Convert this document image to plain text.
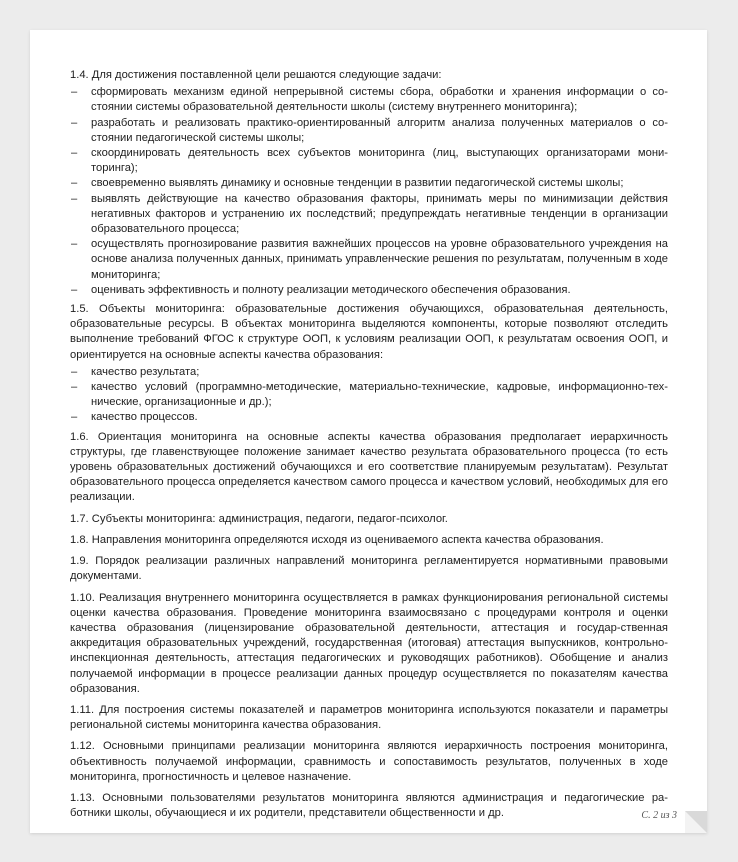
1.4. Для достижения поставленной цели решаются следующие задачи:

– сформировать механизм единой непрерывной системы сбора, обработки и хранения информации о со-стоянии системы образовательной деятельности школы (систему внутреннего мониторинга);
– разработать и реализовать практико-ориентированный алгоритм анализа полученных материалов о со-стоянии педагогической системы школы;
– скоординировать деятельность всех субъектов мониторинга (лиц, выступающих организаторами мони-торинга);
– своевременно выявлять динамику и основные тенденции в развитии педагогической системы школы;
– выявлять действующие на качество образования факторы, принимать меры по минимизации действия негативных факторов и устранению их последствий; предупреждать негативные тенденции в организации образовательного процесса;
– осуществлять прогнозирование развития важнейших процессов на уровне образовательного учреждения на основе анализа полученных данных, принимать управленческие решения по результатам, полученным в ходе мониторинга;
– оценивать эффективность и полноту реализации методического обеспечения образования.

1.5. Объекты мониторинга: образовательные достижения обучающихся, образовательная деятельность, образовательные ресурсы. В объектах мониторинга выделяются компоненты, которые позволяют отследить выполнение требований ФГОС к структуре ООП, к условиям реализации ООП, к результатам освоения ООП, и ориентируется на основные аспекты качества образования:

– качество результата;
– качество условий (программно-методические, материально-технические, кадровые, информационно-тех-нические, организационные и др.);
– качество процессов.

1.6. Ориентация мониторинга на основные аспекты качества образования предполагает иерархичность структуры, где главенствующее положение занимает качество результата образовательного процесса (то есть уровень образовательных достижений обучающихся и его соответствие планируемым результатам). Результат образовательного процесса определяется качеством самого процесса и качеством условий, необходимых для его реализации.

1.7. Субъекты мониторинга: администрация, педагоги, педагог-психолог.

1.8. Направления мониторинга определяются исходя из оцениваемого аспекта качества образования.

1.9. Порядок реализации различных направлений мониторинга регламентируется нормативными правовыми документами.

1.10. Реализация внутреннего мониторинга осуществляется в рамках функционирования региональной системы оценки качества образования. Проведение мониторинга взаимосвязано с процедурами контроля и оценки качества образования (лицензирование образовательной деятельности, аттестация и государ-ственная аккредитация образовательных учреждений, государственная (итоговая) аттестация выпускников, контрольно-инспекционная деятельность, аттестация педагогических и руководящих работников). Обобщение и анализ получаемой информации в процессе реализации данных процедур осуществляется по показателям качества образования.

1.11. Для построения системы показателей и параметров мониторинга используются показатели и параметры региональной системы мониторинга качества образования.

1.12. Основными принципами реализации мониторинга являются иерархичность построения мониторинга, объективность получаемой информации, сравнимость и сопоставимость результатов, полученных в ходе мониторинга, прогностичность и целевое назначение.

1.13. Основными пользователями результатов мониторинга являются администрация и педагогические ра-ботники школы, обучающиеся и их родители, представители общественности и др.	С. 2 из 3
